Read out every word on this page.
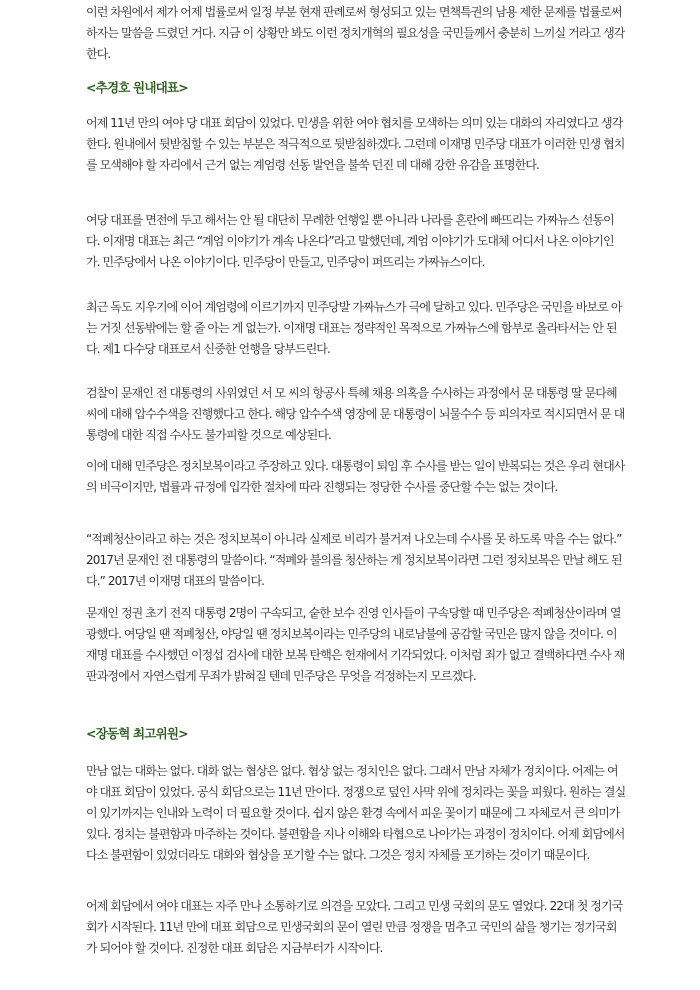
이런 차원에서 제가 어제 법률로써 일정 부분 현재 판례로써 형성되고 있는 면책특권의 남용 제한 문제를 법률로써 하자는 말씀을 드렸던 거다. 지금 이 상황만 봐도 이런 정치개혁의 필요성을 국민들께서 충분히 느끼실 거라고 생각한다.

<추경호 원내대표>

어제 11년 만의 여야 당 대표 회담이 있었다. 민생을 위한 여야 협치를 모색하는 의미 있는 대화의 자리였다고 생각한다. 원내에서 뒷받침할 수 있는 부분은 적극적으로 뒷받침하겠다. 그런데 이재명 민주당 대표가 이러한 민생 협치를 모색해야 할 자리에서 근거 없는 계엄령 선동 발언을 불쑥 던진 데 대해 강한 유감을 표명한다.

여당 대표를 면전에 두고 해서는 안 될 대단히 무례한 언행일 뿐 아니라 나라를 혼란에 빠뜨리는 가짜뉴스 선동이다. 이재명 대표는 최근 “계엄 이야기가 계속 나온다”라고 말했던데, 계엄 이야기가 도대체 어디서 나온 이야기인가. 민주당에서 나온 이야기이다. 민주당이 만들고, 민주당이 퍼뜨리는 가짜뉴스이다.

최근 독도 지우기에 이어 계엄령에 이르기까지 민주당발 가짜뉴스가 극에 달하고 있다. 민주당은 국민을 바보로 아는 거짓 선동밖에는 할 줄 아는 게 없는가. 이재명 대표는 정략적인 목적으로 가짜뉴스에 함부로 올라타서는 안 된다. 제1 다수당 대표로서 신중한 언행을 당부드린다.

검찰이 문재인 전 대통령의 사위였던 서 모 씨의 항공사 특혜 채용 의혹을 수사하는 과정에서 문 대통령 딸 문다혜 씨에 대해 압수수색을 진행했다고 한다. 해당 압수수색 영장에 문 대통령이 뇌물수수 등 피의자로 적시되면서 문 대통령에 대한 직접 수사도 불가피할 것으로 예상된다.

이에 대해 민주당은 정치보복이라고 주장하고 있다. 대통령이 퇴임 후 수사를 받는 일이 반복되는 것은 우리 현대사의 비극이지만, 법률과 규정에 입각한 절차에 따라 진행되는 정당한 수사를 중단할 수는 없는 것이다.

“적폐청산이라고 하는 것은 정치보복이 아니라 실제로 비리가 불거져 나오는데 수사를 못 하도록 막을 수는 없다.” 2017년 문재인 전 대통령의 말씀이다. “적폐와 불의를 청산하는 게 정치보복이라면 그런 정치보복은 만날 해도 된다.” 2017년 이재명 대표의 말씀이다.

문재인 정권 초기 전직 대통령 2명이 구속되고, 숱한 보수 진영 인사들이 구속당할 때 민주당은 적폐청산이라며 열광했다. 여당일 땐 적폐청산, 야당일 땐 정치보복이라는 민주당의 내로남불에 공감할 국민은 많지 않을 것이다. 이재명 대표를 수사했던 이정섭 검사에 대한 보복 탄핵은 헌재에서 기각되었다. 이처럼 죄가 없고 결백하다면 수사 재판과정에서 자연스럽게 무죄가 밝혀질 텐데 민주당은 무엇을 걱정하는지 모르겠다.

<장동혁 최고위원>

만남 없는 대화는 없다. 대화 없는 협상은 없다. 협상 없는 정치인은 없다. 그래서 만남 자체가 정치이다. 어제는 여야 대표 회담이 있었다. 공식 회담으로는 11년 만이다. 정쟁으로 덮인 사막 위에 정치라는 꽃을 피웠다. 원하는 결실이 있기까지는 인내와 노력이 더 필요할 것이다. 쉽지 않은 환경 속에서 피운 꽃이기 때문에 그 자체로서 큰 의미가 있다. 정치는 불편함과 마주하는 것이다. 불편함을 지나 이해와 타협으로 나아가는 과정이 정치이다. 어제 회담에서 다소 불편함이 있었더라도 대화와 협상을 포기할 수는 없다. 그것은 정치 자체를 포기하는 것이기 때문이다.

어제 회담에서 여야 대표는 자주 만나 소통하기로 의견을 모았다. 그리고 민생 국회의 문도 열었다. 22대 첫 정기국회가 시작된다. 11년 만에 대표 회담으로 민생국회의 문이 열린 만큼 정쟁을 멈추고 국민의 삶을 챙기는 정기국회가 되어야 할 것이다. 진정한 대표 회담은 지금부터가 시작이다.
